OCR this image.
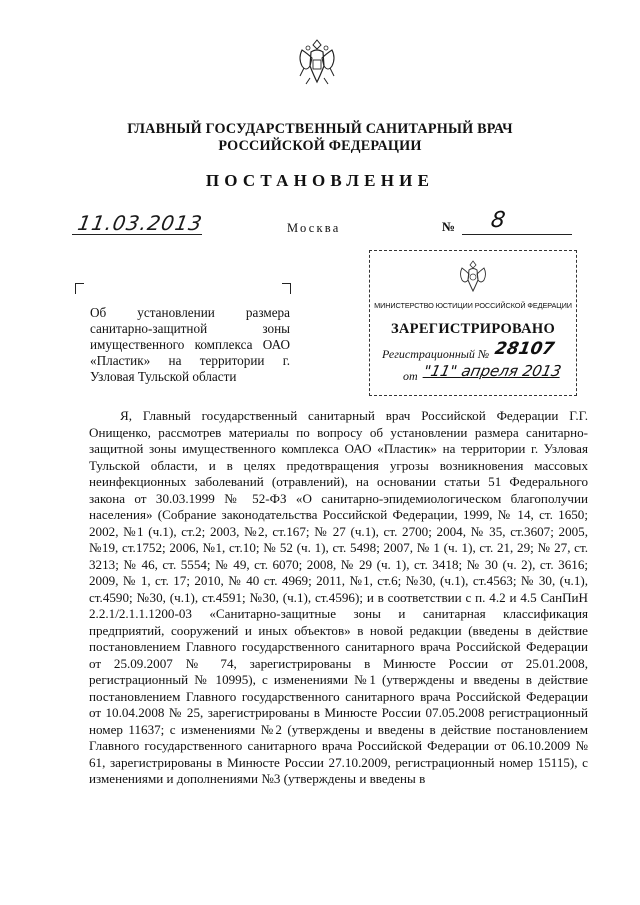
ГЛАВНЫЙ ГОСУДАРСТВЕННЫЙ САНИТАРНЫЙ ВРАЧ
РОССИЙСКОЙ ФЕДЕРАЦИИ
ПОСТАНОВЛЕНИЕ
11.03.2013	Москва	№	8
Об установлении размера санитарно-защитной зоны имущественного комплекса ОАО «Пластик» на территории г. Узловая Тульской области
МИНИСТЕРСТВО ЮСТИЦИИ РОССИЙСКОЙ ФЕДЕРАЦИИ
ЗАРЕГИСТРИРОВАНО
Регистрационный № 28107
от "11" апреля 2013

Я, Главный государственный санитарный врач Российской Федерации Г.Г. Онищенко, рассмотрев материалы по вопросу об установлении размера санитарно-защитной зоны имущественного комплекса ОАО «Пластик» на территории г. Узловая Тульской области, и в целях предотвращения угрозы возникновения массовых неинфекционных заболеваний (отравлений), на основании статьи 51 Федерального закона от 30.03.1999 № 52-ФЗ «О санитарно-эпидемиологическом благополучии населения» (Собрание законодательства Российской Федерации, 1999, № 14, ст. 1650; 2002, №1 (ч.1), ст.2; 2003, №2, ст.167; № 27 (ч.1), ст. 2700; 2004, № 35, ст.3607; 2005, №19, ст.1752; 2006, №1, ст.10; № 52 (ч. 1), ст. 5498; 2007, № 1 (ч. 1), ст. 21, 29; № 27, ст. 3213; № 46, ст. 5554; № 49, ст. 6070; 2008, № 29 (ч. 1), ст. 3418; № 30 (ч. 2), ст. 3616; 2009, № 1, ст. 17; 2010, № 40 ст. 4969; 2011, №1, ст.6; №30, (ч.1), ст.4563; № 30, (ч.1), ст.4590; №30, (ч.1), ст.4591; №30, (ч.1), ст.4596); и в соответствии с п. 4.2 и 4.5 СанПиН 2.2.1/2.1.1.1200-03 «Санитарно-защитные зоны и санитарная классификация предприятий, сооружений и иных объектов» в новой редакции (введены в действие постановлением Главного государственного санитарного врача Российской Федерации от 25.09.2007 № 74, зарегистрированы в Минюсте России от 25.01.2008, регистрационный № 10995), с изменениями №1 (утверждены и введены в действие постановлением Главного государственного санитарного врача Российской Федерации от 10.04.2008 № 25, зарегистрированы в Минюсте России 07.05.2008 регистрационный номер 11637; с изменениями №2 (утверждены и введены в действие постановлением Главного государственного санитарного врача Российской Федерации от 06.10.2009 № 61, зарегистрированы в Минюсте России 27.10.2009, регистрационный номер 15115), с изменениями и дополнениями №3 (утверждены и введены в
